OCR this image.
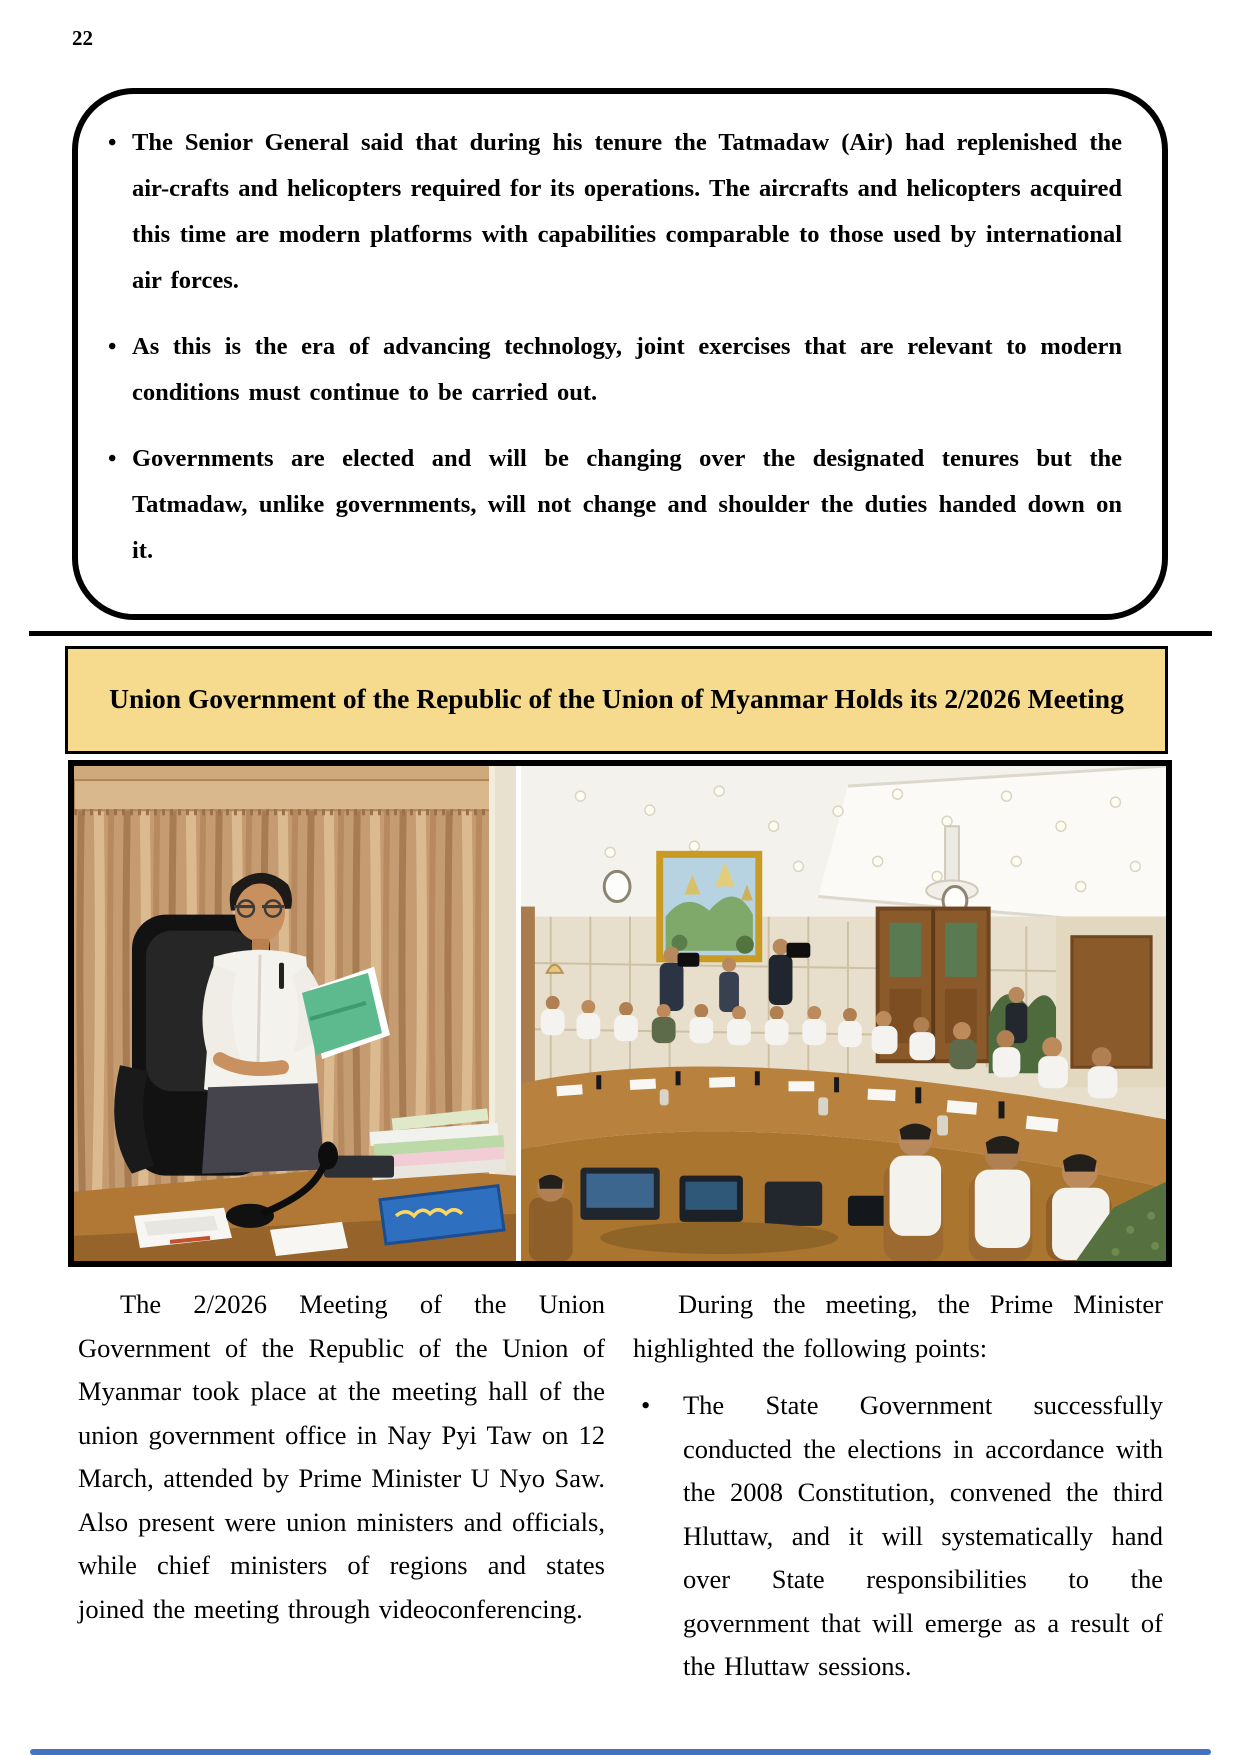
22
• The Senior General said that during his tenure the Tatmadaw (Air) had replenished the air-crafts and helicopters required for its operations. The aircrafts and helicopters acquired this time are modern platforms with capabilities comparable to those used by international air forces.
• As this is the era of advancing technology, joint exercises that are relevant to modern conditions must continue to be carried out.
• Governments are elected and will be changing over the designated tenures but the Tatmadaw, unlike governments, will not change and shoulder the duties handed down on it.
Union Government of the Republic of the Union of Myanmar Holds its 2/2026 Meeting

The 2/2026 Meeting of the Union Government of the Republic of the Union of Myanmar took place at the meeting hall of the union government office in Nay Pyi Taw on 12 March, attended by Prime Minister U Nyo Saw. Also present were union ministers and officials, while chief ministers of regions and states joined the meeting through videoconferencing.

During the meeting, the Prime Minister highlighted the following points:

•	The State Government successfully conducted the elections in accordance with the 2008 Constitution, convened the third Hluttaw, and it will systematically hand over State responsibilities to the government that will emerge as a result of the Hluttaw sessions.
